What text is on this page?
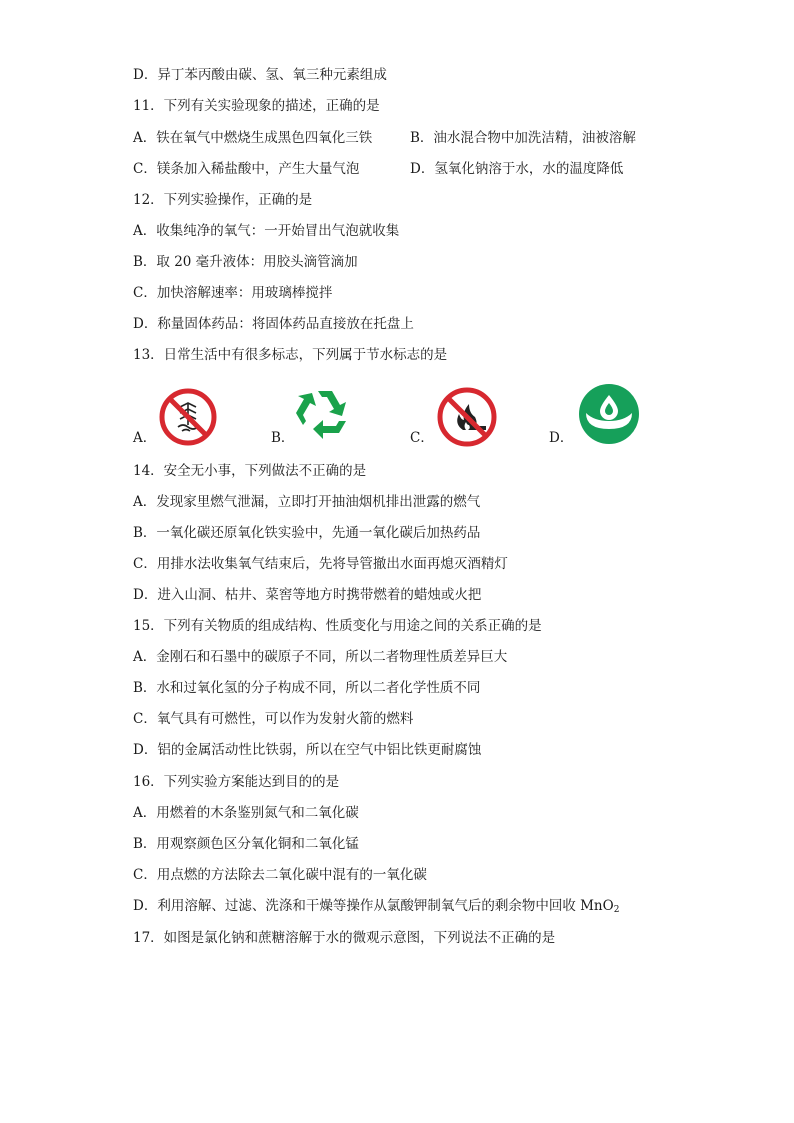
D．异丁苯丙酸由碳、氢、氧三种元素组成
11．下列有关实验现象的描述，正确的是
A．铁在氧气中燃烧生成黑色四氧化三铁	B．油水混合物中加洗洁精，油被溶解
C．镁条加入稀盐酸中，产生大量气泡	D．氢氧化钠溶于水，水的温度降低
12．下列实验操作，正确的是
A．收集纯净的氧气：一开始冒出气泡就收集
B．取 20 毫升液体：用胶头滴管滴加
C．加快溶解速率：用玻璃棒搅拌
D．称量固体药品：将固体药品直接放在托盘上
13．日常生活中有很多标志，下列属于节水标志的是
A．	B．	C．	D．
14．安全无小事，下列做法不正确的是
A．发现家里燃气泄漏，立即打开抽油烟机排出泄露的燃气
B．一氧化碳还原氧化铁实验中，先通一氧化碳后加热药品
C．用排水法收集氧气结束后，先将导管撤出水面再熄灭酒精灯
D．进入山洞、枯井、菜窖等地方时携带燃着的蜡烛或火把
15．下列有关物质的组成结构、性质变化与用途之间的关系正确的是
A．金刚石和石墨中的碳原子不同，所以二者物理性质差异巨大
B．水和过氧化氢的分子构成不同，所以二者化学性质不同
C．氧气具有可燃性，可以作为发射火箭的燃料
D．铝的金属活动性比铁弱，所以在空气中铝比铁更耐腐蚀
16．下列实验方案能达到目的的是
A．用燃着的木条鉴别氮气和二氧化碳
B．用观察颜色区分氧化铜和二氧化锰
C．用点燃的方法除去二氧化碳中混有的一氧化碳
D．利用溶解、过滤、洗涤和干燥等操作从氯酸钾制氧气后的剩余物中回收 MnO$_2$
17．如图是氯化钠和蔗糖溶解于水的微观示意图，下列说法不正确的是
